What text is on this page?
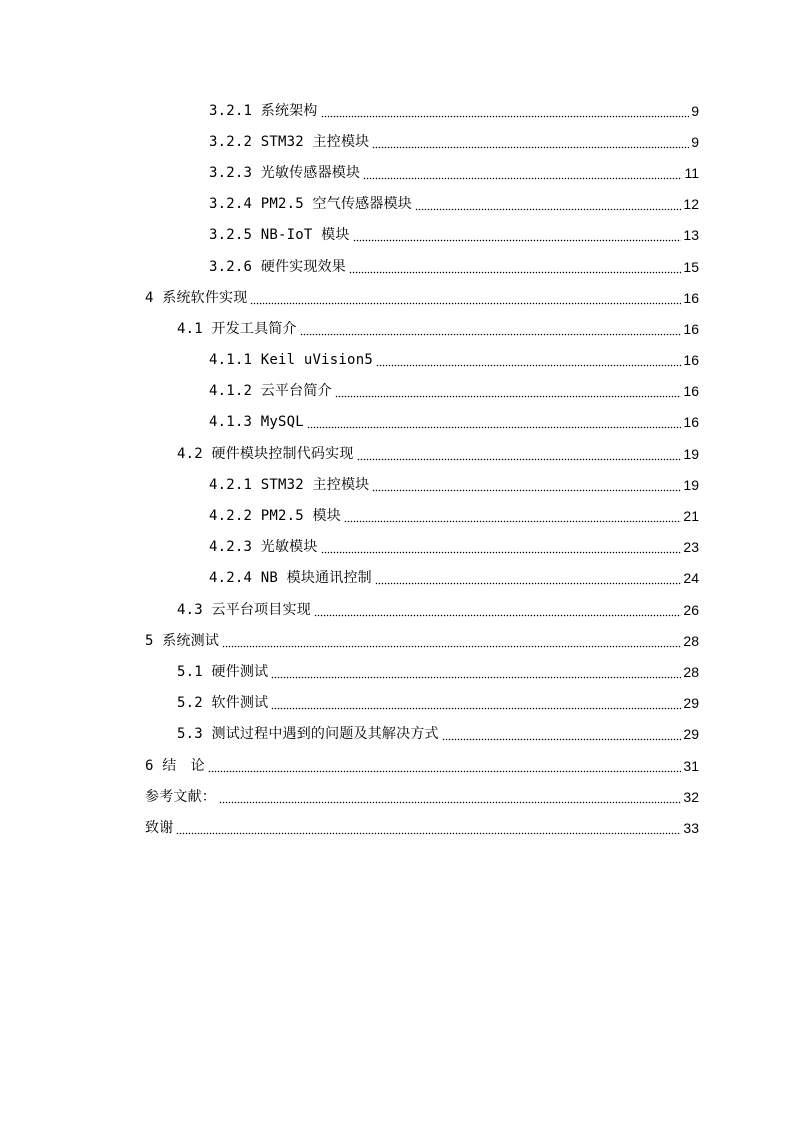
3.2.1 系统架构	9
3.2.2 STM32 主控模块	9
3.2.3 光敏传感器模块	11
3.2.4 PM2.5 空气传感器模块	12
3.2.5 NB-IoT 模块	13
3.2.6 硬件实现效果	15
4 系统软件实现	16
4.1 开发工具简介	16
4.1.1 Keil uVision5	16
4.1.2 云平台简介	16
4.1.3 MySQL	16
4.2 硬件模块控制代码实现	19
4.2.1 STM32 主控模块	19
4.2.2 PM2.5 模块	21
4.2.3 光敏模块	23
4.2.4 NB 模块通讯控制	24
4.3 云平台项目实现	26
5 系统测试	28
5.1 硬件测试	28
5.2 软件测试	29
5.3 测试过程中遇到的问题及其解决方式	29
6 结　论	31
参考文献：	32
致谢	33
